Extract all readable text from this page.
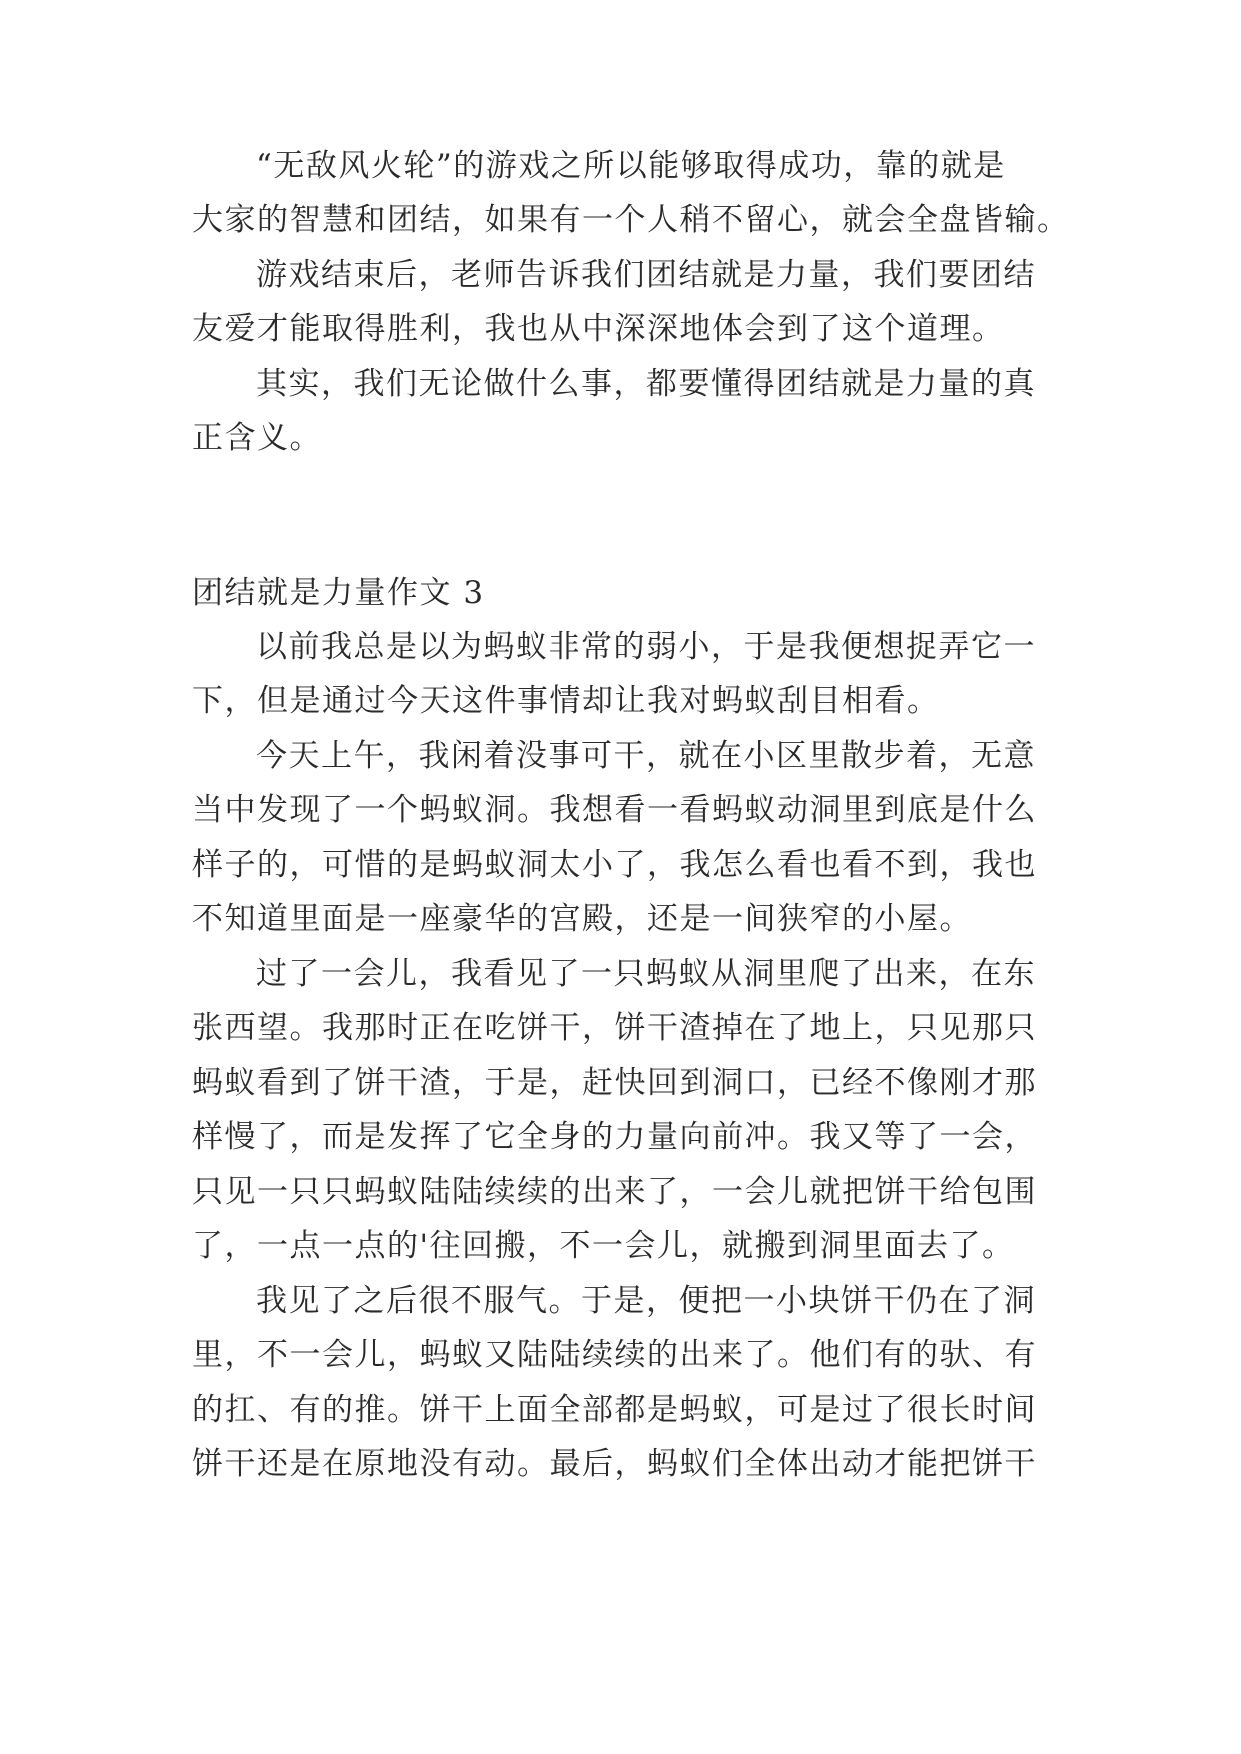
“无敌风火轮”的游戏之所以能够取得成功，靠的就是
大家的智慧和团结，如果有一个人稍不留心，就会全盘皆输。
游戏结束后，老师告诉我们团结就是力量，我们要团结
友爱才能取得胜利，我也从中深深地体会到了这个道理。
其实，我们无论做什么事，都要懂得团结就是力量的真
正含义。
团结就是力量作文 3
以前我总是以为蚂蚁非常的弱小，于是我便想捉弄它一
下，但是通过今天这件事情却让我对蚂蚁刮目相看。
今天上午，我闲着没事可干，就在小区里散步着，无意
当中发现了一个蚂蚁洞。我想看一看蚂蚁动洞里到底是什么
样子的，可惜的是蚂蚁洞太小了，我怎么看也看不到，我也
不知道里面是一座豪华的宫殿，还是一间狭窄的小屋。
过了一会儿，我看见了一只蚂蚁从洞里爬了出来，在东
张西望。我那时正在吃饼干，饼干渣掉在了地上，只见那只
蚂蚁看到了饼干渣，于是，赶快回到洞口，已经不像刚才那
样慢了，而是发挥了它全身的力量向前冲。我又等了一会，
只见一只只蚂蚁陆陆续续的出来了，一会儿就把饼干给包围
了，一点一点的'往回搬，不一会儿，就搬到洞里面去了。
我见了之后很不服气。于是，便把一小块饼干仍在了洞
里，不一会儿，蚂蚁又陆陆续续的出来了。他们有的驮、有
的扛、有的推。饼干上面全部都是蚂蚁，可是过了很长时间
饼干还是在原地没有动。最后，蚂蚁们全体出动才能把饼干
